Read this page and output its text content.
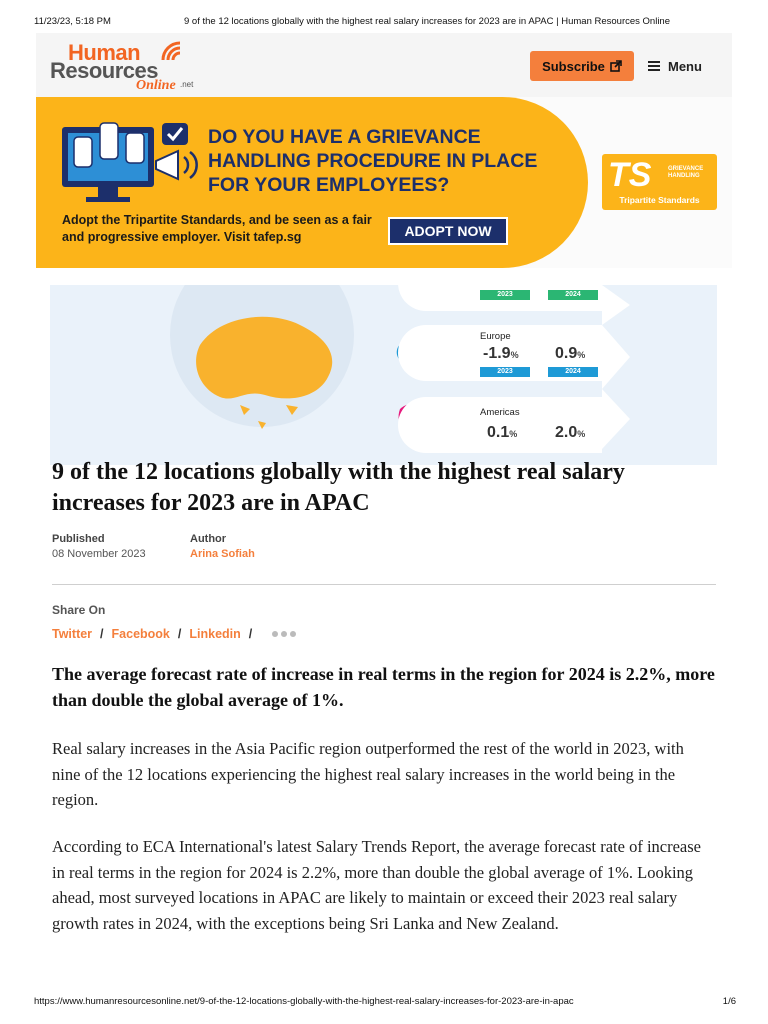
11/23/23, 5:18 PM	9 of the 12 locations globally with the highest real salary increases for 2023 are in APAC | Human Resources Online
Human
Resources
Online .net
Subscribe	Menu
DO YOU HAVE A GRIEVANCE HANDLING PROCEDURE IN PLACE FOR YOUR EMPLOYEES?
Adopt the Tripartite Standards, and be seen as a fair and progressive employer. Visit tafep.sg	ADOPT NOW
TS	GRIEVANCE HANDLING
Tripartite Standards
2023	2024
Europe
-1.9% 0.9%
2023	2024
Americas
0.1% 2.0%
9 of the 12 locations globally with the highest real salary increases for 2023 are in APAC
Published
08 November 2023
Author
Arina Sofiah
Share On
Twitter / Facebook / Linkedin /

The average forecast rate of increase in real terms in the region for 2024 is 2.2%, more than double the global average of 1%.

Real salary increases in the Asia Pacific region outperformed the rest of the world in 2023, with nine of the 12 locations experiencing the highest real salary increases in the world being in the region.

According to ECA International's latest Salary Trends Report, the average forecast rate of increase in real terms in the region for 2024 is 2.2%, more than double the global average of 1%. Looking ahead, most surveyed locations in APAC are likely to maintain or exceed their 2023 real salary growth rates in 2024, with the exceptions being Sri Lanka and New Zealand.

https://www.humanresourcesonline.net/9-of-the-12-locations-globally-with-the-highest-real-salary-increases-for-2023-are-in-apac	1/6
